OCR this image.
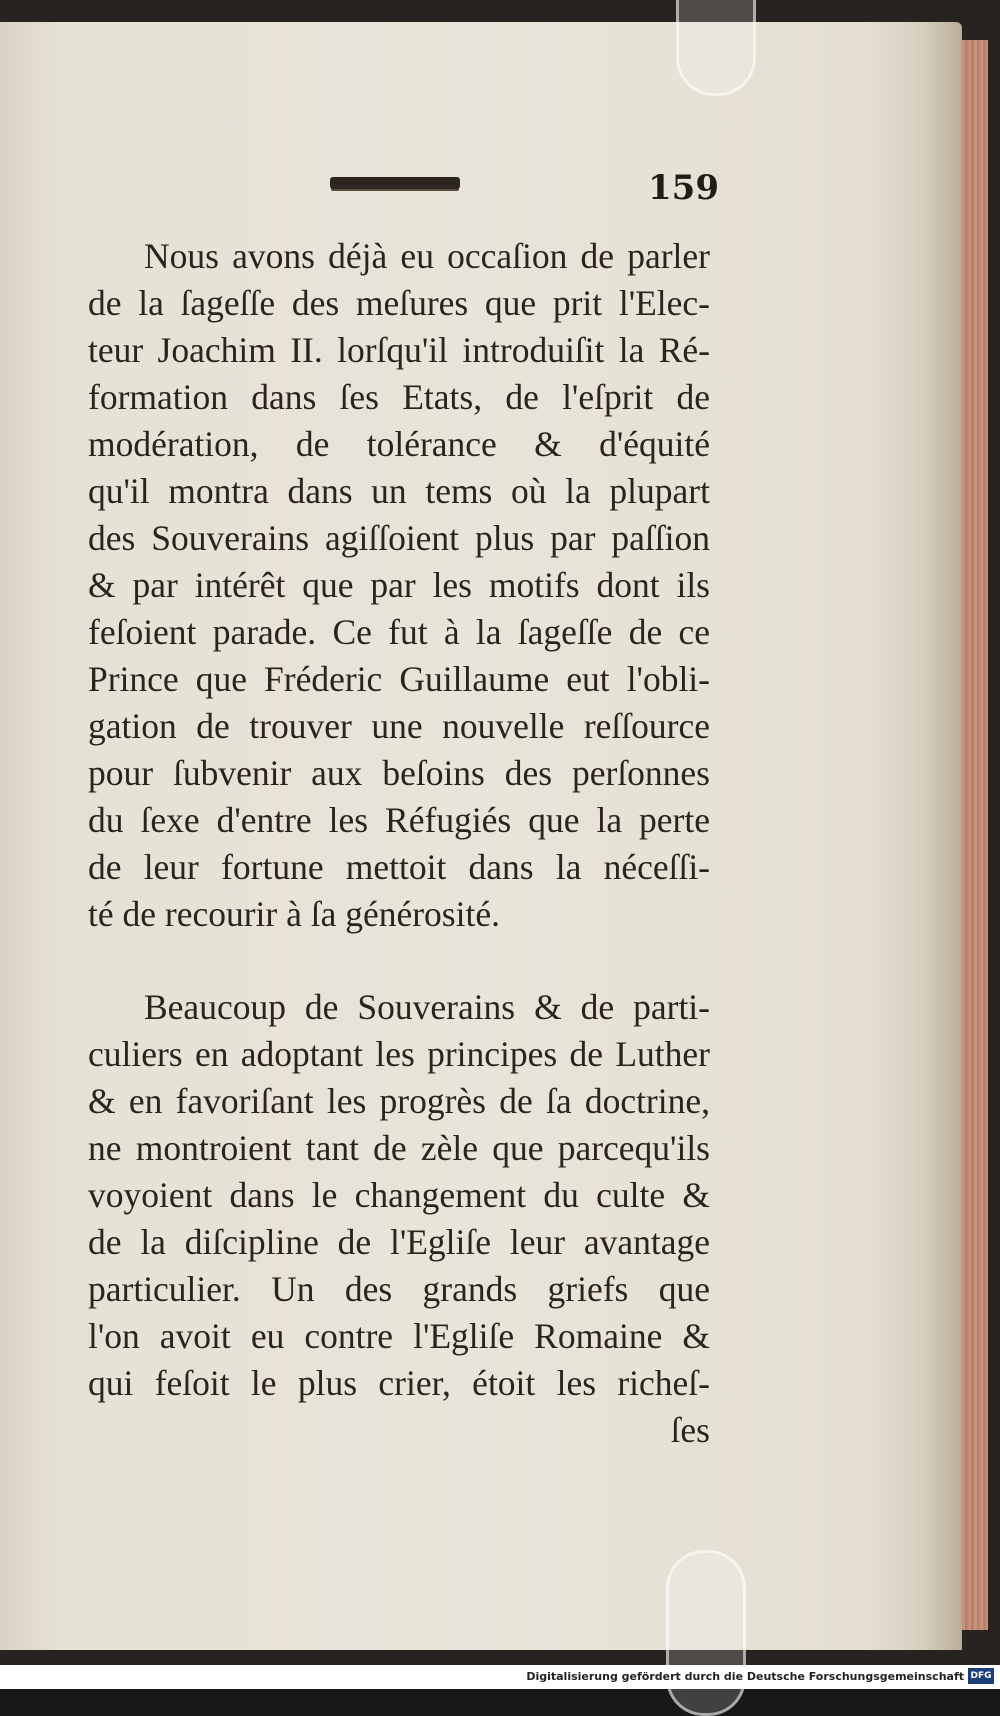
159
Nous avons déjà eu occaſion de parler
de la ſageſſe des meſures que prit l'Elec-
teur Joachim II. lorſqu'il introduiſit la Ré-
formation dans ſes Etats, de l'eſprit de
modération, de tolérance & d'équité
qu'il montra dans un tems où la plupart
des Souverains agiſſoient plus par paſſion
& par intérêt que par les motifs dont ils
feſoient parade. Ce fut à la ſageſſe de ce
Prince que Fréderic Guillaume eut l'obli-
gation de trouver une nouvelle reſſource
pour ſubvenir aux beſoins des perſonnes
du ſexe d'entre les Réfugiés que la perte
de leur fortune mettoit dans la néceſſi-
té de recourir à ſa générosité.
Beaucoup de Souverains & de parti-
culiers en adoptant les principes de Luther
& en favoriſant les progrès de ſa doctrine,
ne montroient tant de zèle que parcequ'ils
voyoient dans le changement du culte &
de la diſcipline de l'Egliſe leur avantage
particulier. Un des grands griefs que
l'on avoit eu contre l'Egliſe Romaine &
qui feſoit le plus crier, étoit les richeſ-
ſes
Digitalisierung gefördert durch die Deutsche Forschungsgemeinschaft DFG
